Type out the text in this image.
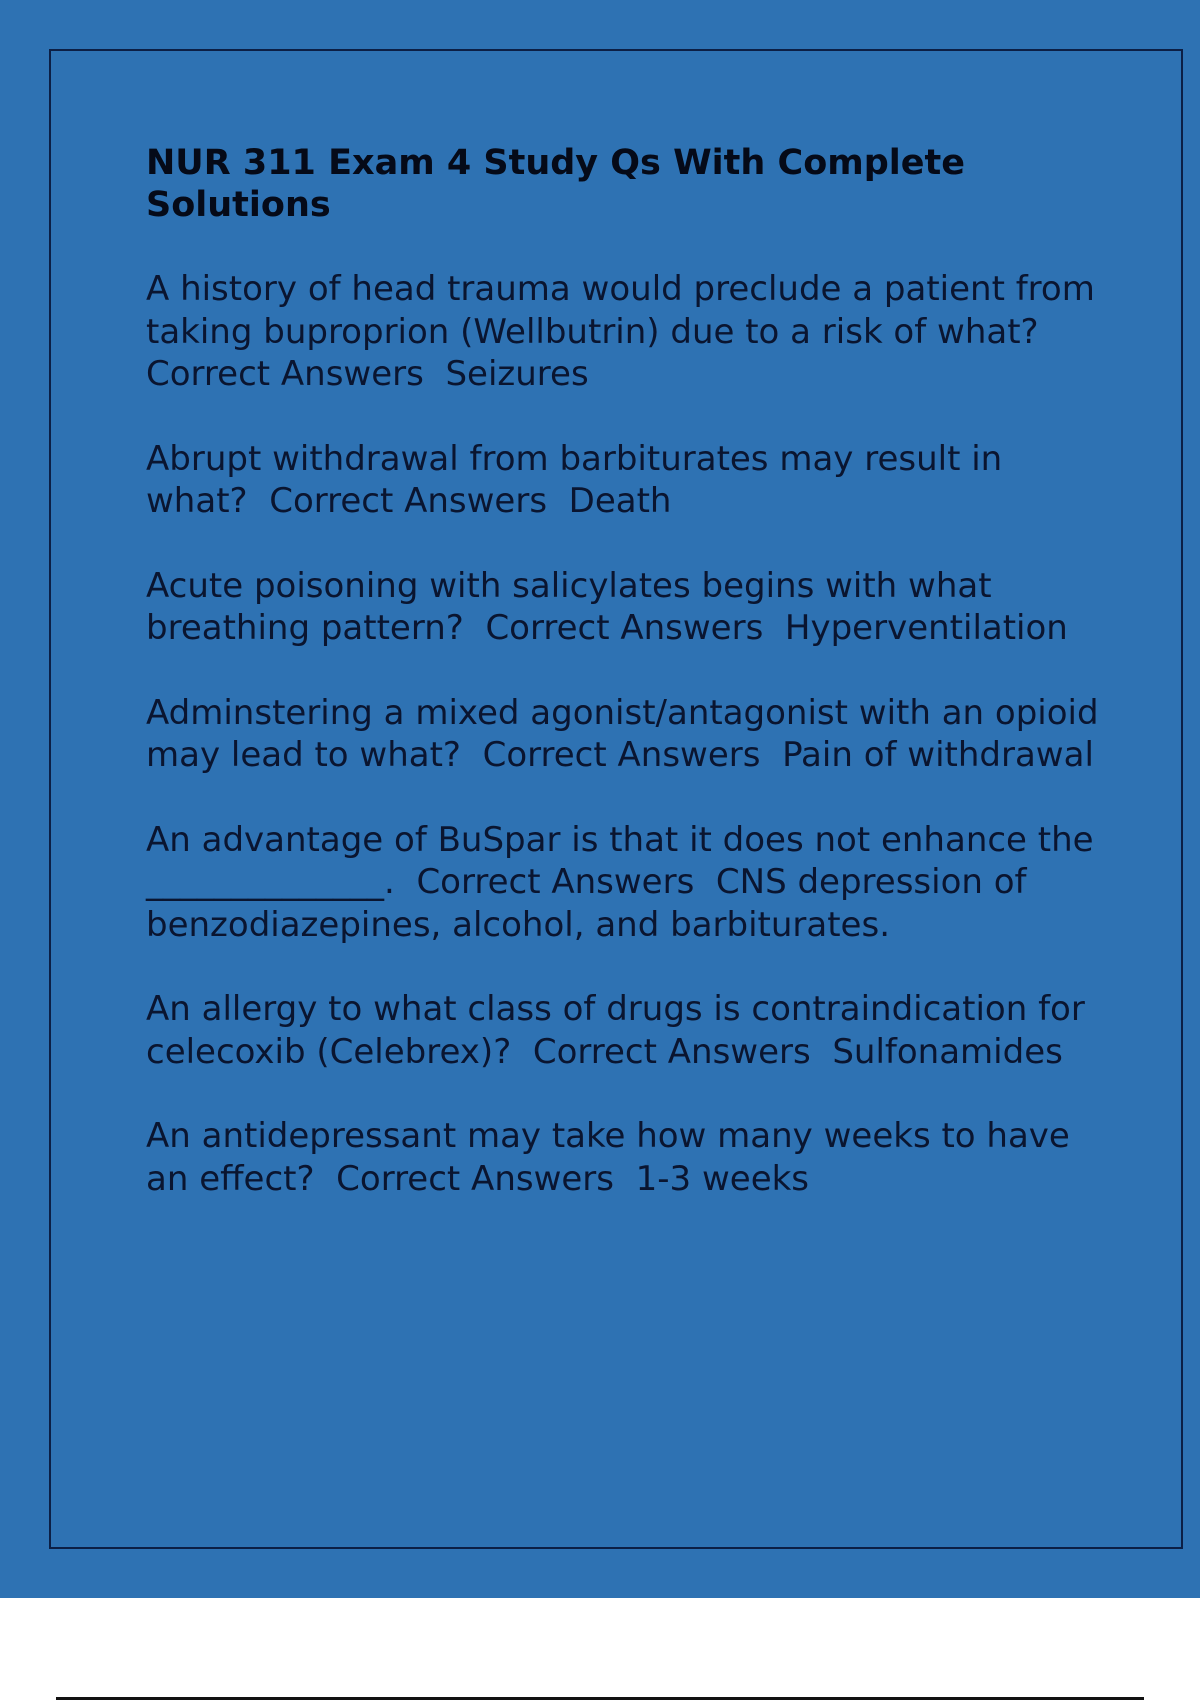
NUR 311 Exam 4 Study Qs With Complete Solutions

A history of head trauma would preclude a patient from taking buproprion (Wellbutrin) due to a risk of what?  Correct Answers Seizures

Abrupt withdrawal from barbiturates may result in what? Correct Answers Death

Acute poisoning with salicylates begins with what breathing pattern? Correct Answers Hyperventilation

Adminstering a mixed agonist/antagonist with an opioid may lead to what? Correct Answers Pain of withdrawal

An advantage of BuSpar is that it does not enhance the ______________. Correct Answers CNS depression of benzodiazepines, alcohol, and barbiturates.

An allergy to what class of drugs is contraindication for celecoxib (Celebrex)? Correct Answers Sulfonamides

An antidepressant may take how many weeks to have an effect? Correct Answers 1-3 weeks
